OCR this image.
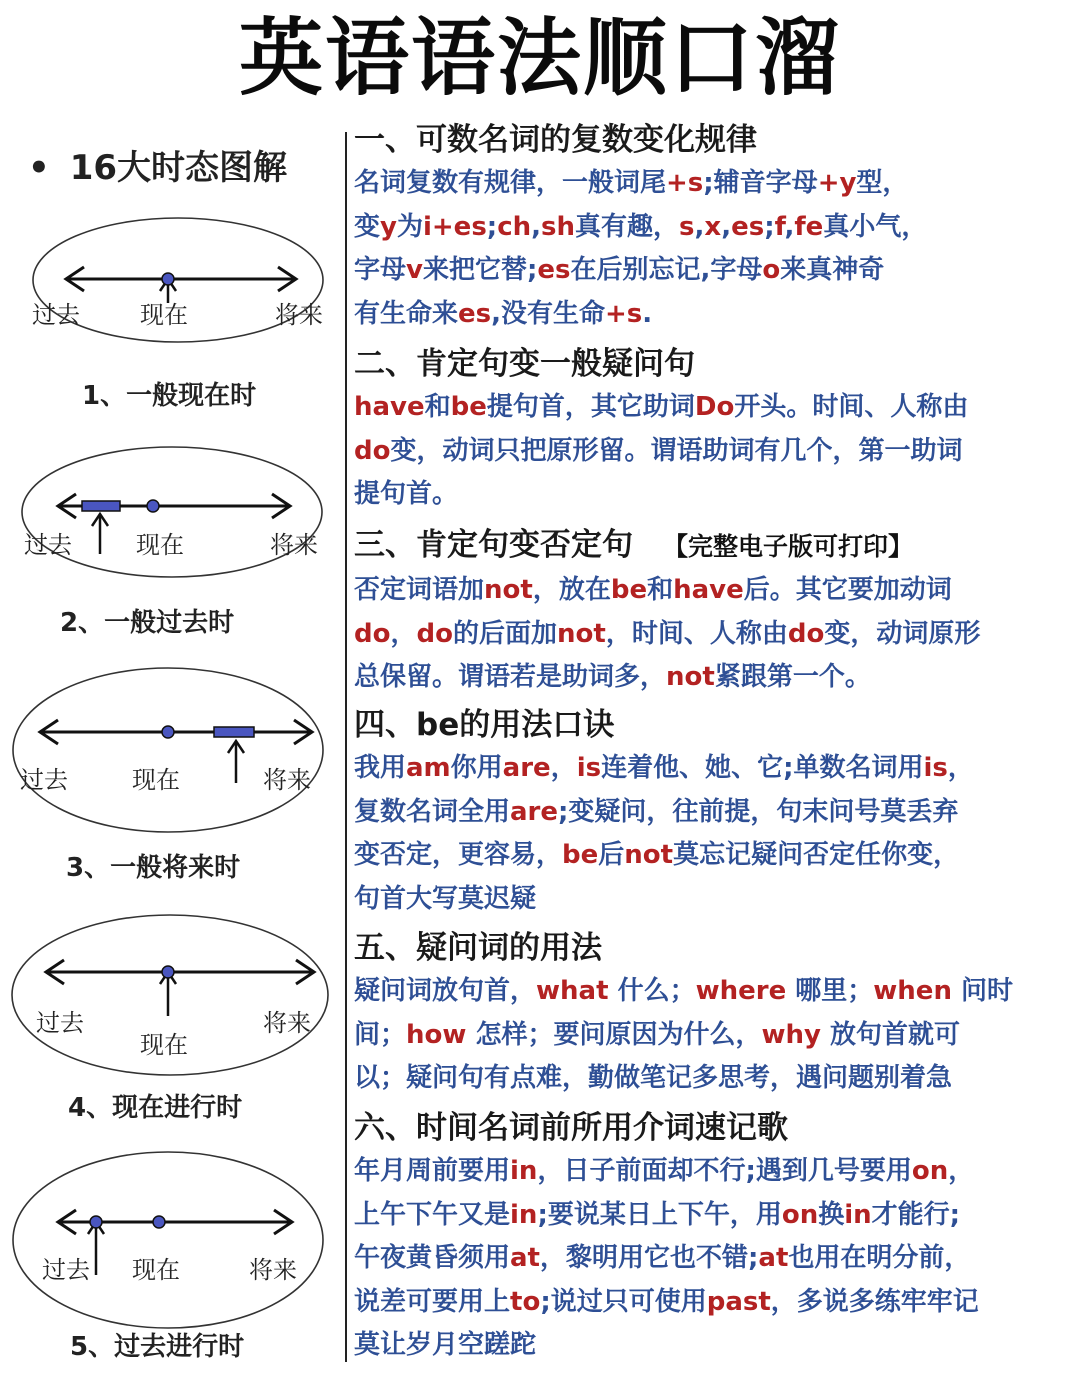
英语语法顺口溜
• 16大时态图解
过去	现在	将来
1、一般现在时
过去	现在	将来
2、一般过去时
过去	现在	将来
3、一般将来时
过去
现在
将来
4、现在进行时
过去 现在	将来
5、过去进行时
一、可数名词的复数变化规律
名词复数有规律，一般词尾+s;辅音字母+y型，
变y为i+es;ch,sh真有趣，s,x,es;f,fe真小气，
字母v来把它替;es在后别忘记,字母o来真神奇
有生命来es,没有生命+s.
二、肯定句变一般疑问句
have和be提句首，其它助词Do开头。时间、人称由
do变，动词只把原形留。谓语助词有几个，第一助词
提句首。
三、肯定句变否定句 【完整电子版可打印】
否定词语加not，放在be和have后。其它要加动词
do，do的后面加not，时间、人称由do变，动词原形
总保留。谓语若是助词多，not紧跟第一个。
四、be的用法口诀
我用am你用are，is连着他、她、它;单数名词用is，
复数名词全用are;变疑问，往前提，句末问号莫丢弃
变否定，更容易，be后not莫忘记疑问否定任你变，
句首大写莫迟疑
五、疑问词的用法
疑问词放句首，what 什么；where 哪里；when 问时
间；how 怎样；要问原因为什么，why 放句首就可
以；疑问句有点难，勤做笔记多思考，遇问题别着急
六、时间名词前所用介词速记歌
年月周前要用in，日子前面却不行;遇到几号要用on，
上午下午又是in;要说某日上下午，用on换in才能行;
午夜黄昏须用at，黎明用它也不错;at也用在明分前，
说差可要用上to;说过只可使用past，多说多练牢牢记
莫让岁月空蹉跎
